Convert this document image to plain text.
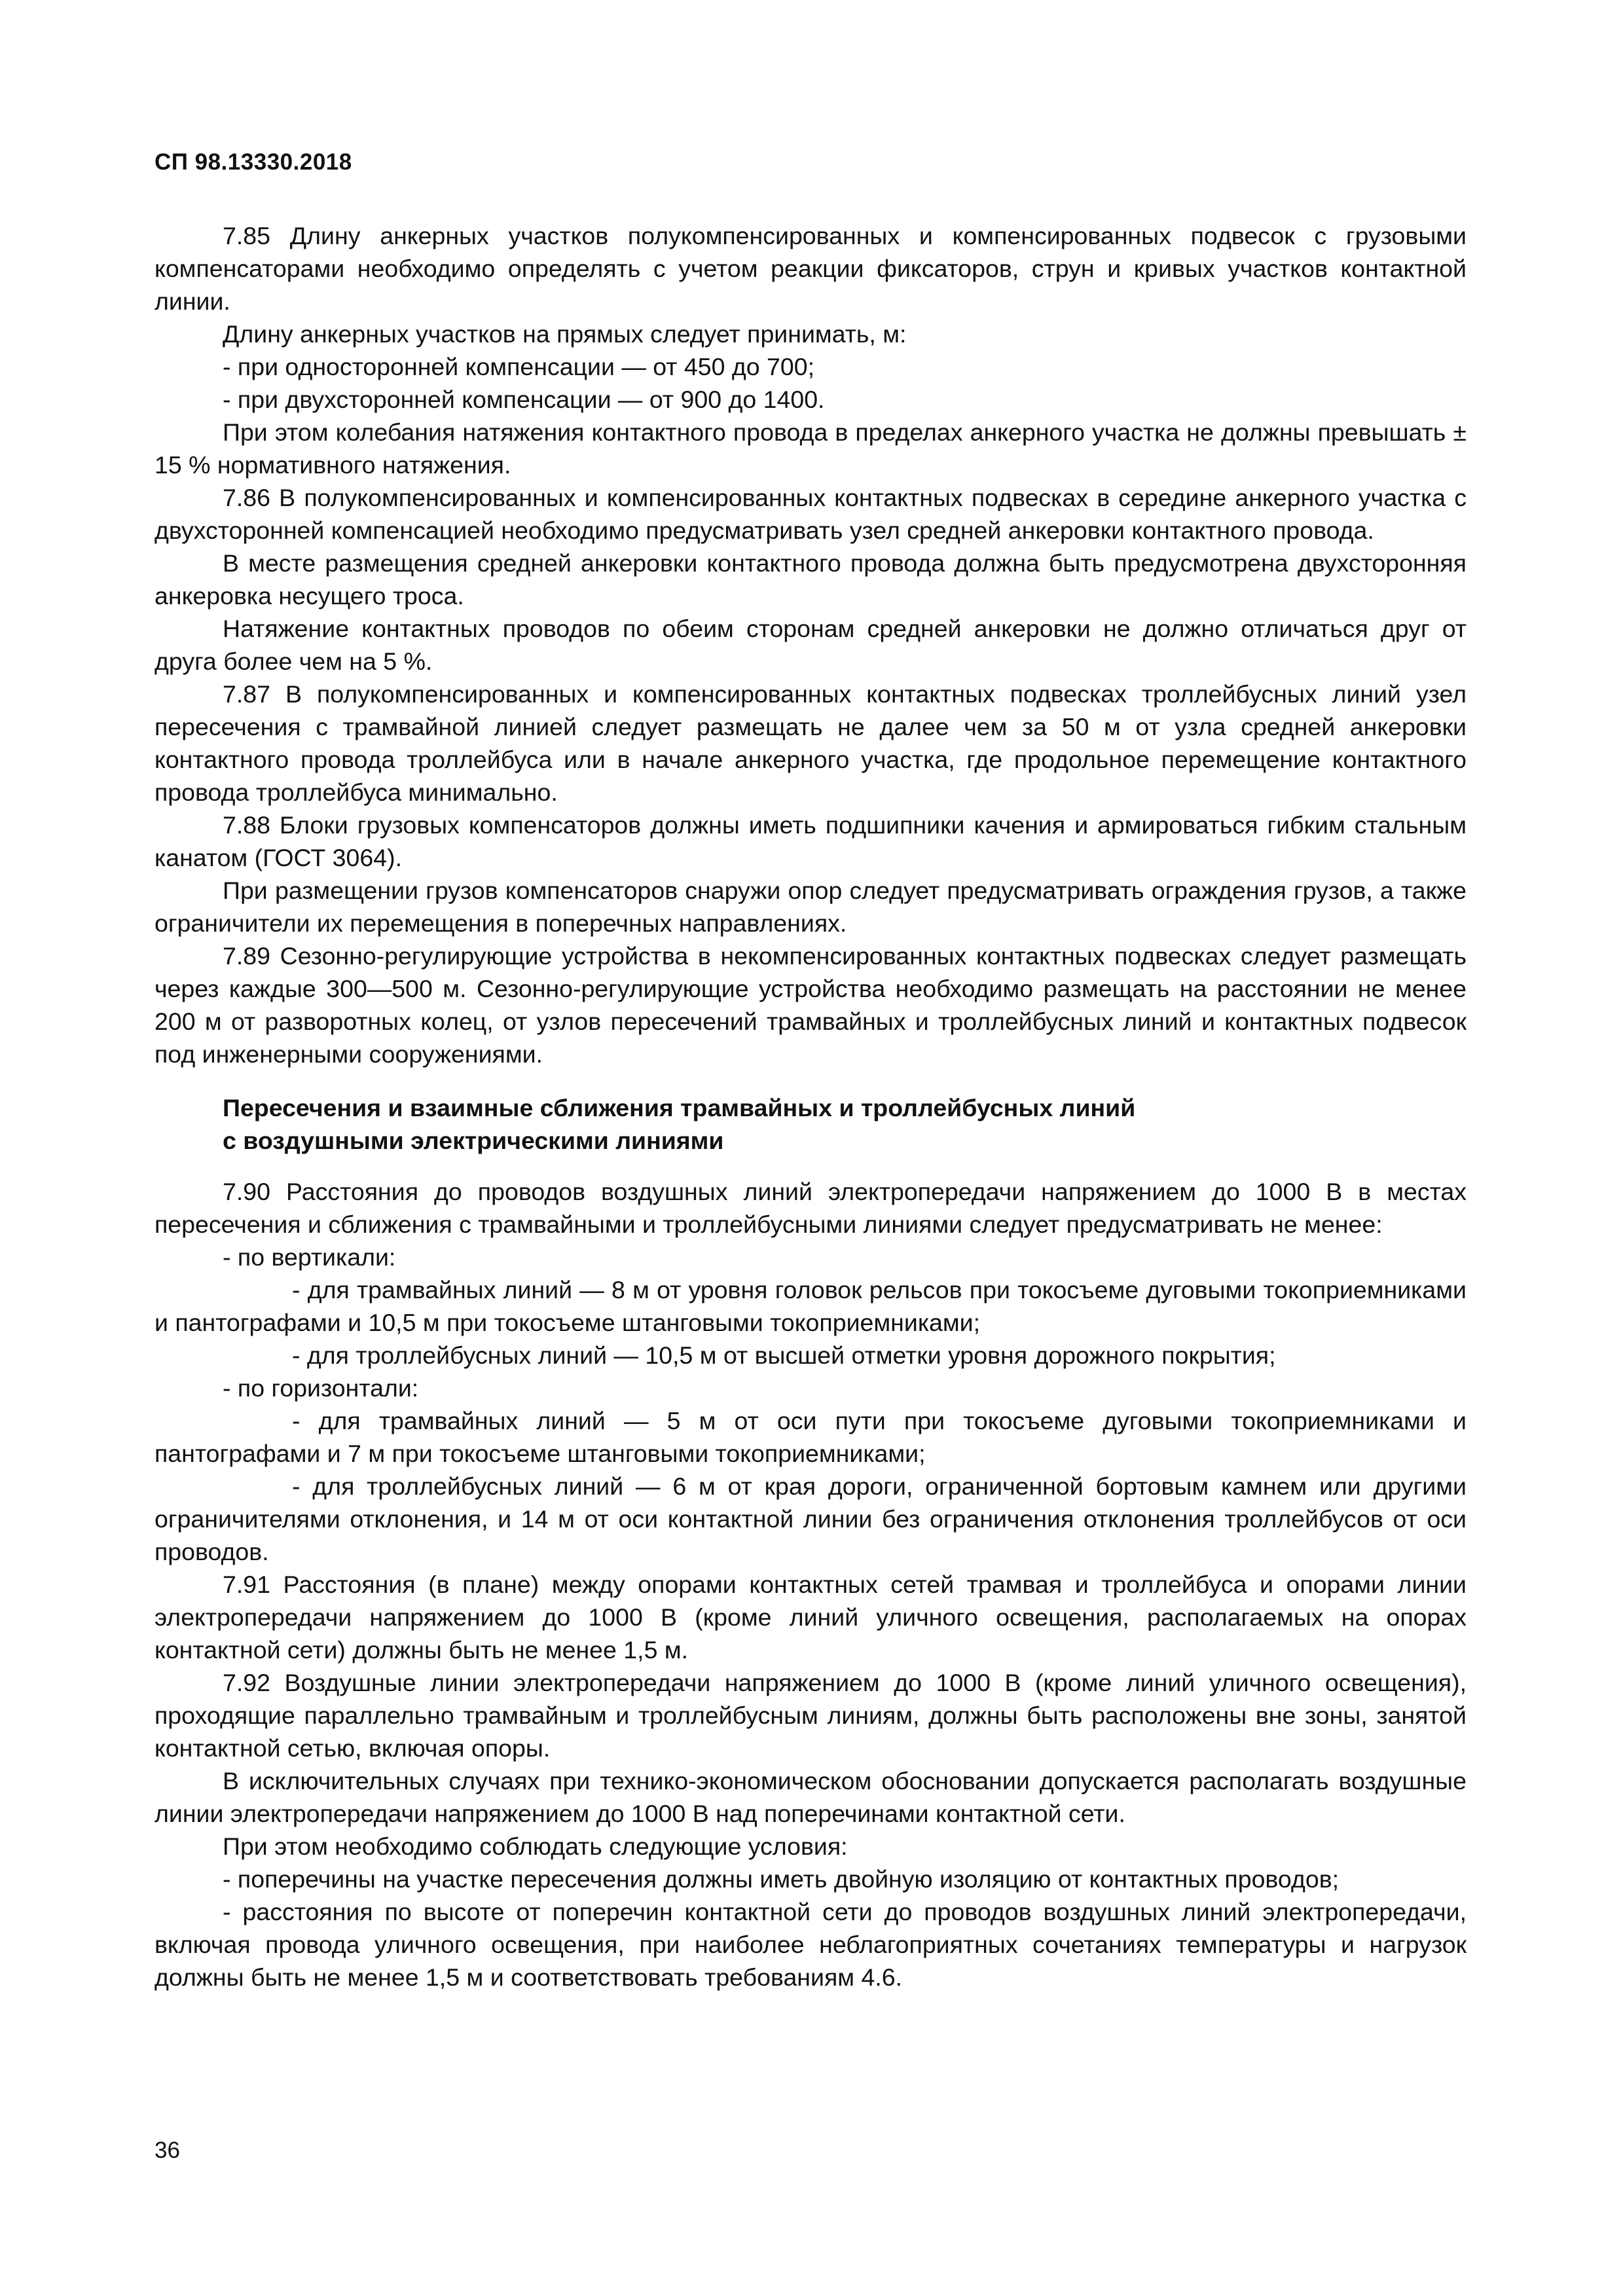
СП 98.13330.2018

7.85 Длину анкерных участков полукомпенсированных и компенсированных подвесок с грузовыми компенсаторами необходимо определять с учетом реакции фиксаторов, струн и кривых участков контактной линии.

Длину анкерных участков на прямых следует принимать, м:

- при односторонней компенсации — от 450 до 700;

- при двухсторонней компенсации — от 900 до 1400.

При этом колебания натяжения контактного провода в пределах анкерного участка не должны превышать ± 15 % нормативного натяжения.

7.86 В полукомпенсированных и компенсированных контактных подвесках в середине анкерного участка с двухсторонней компенсацией необходимо предусматривать узел средней анкеровки контактного провода.

В месте размещения средней анкеровки контактного провода должна быть предусмотрена двухсторонняя анкеровка несущего троса.

Натяжение контактных проводов по обеим сторонам средней анкеровки не должно отличаться друг от друга более чем на 5 %.

7.87 В полукомпенсированных и компенсированных контактных подвесках троллейбусных линий узел пересечения с трамвайной линией следует размещать не далее чем за 50 м от узла средней анкеровки контактного провода троллейбуса или в начале анкерного участка, где продольное перемещение контактного провода троллейбуса минимально.

7.88 Блоки грузовых компенсаторов должны иметь подшипники качения и армироваться гибким стальным канатом (ГОСТ 3064).

При размещении грузов компенсаторов снаружи опор следует предусматривать ограждения грузов, а также ограничители их перемещения в поперечных направлениях.

7.89 Сезонно-регулирующие устройства в некомпенсированных контактных подвесках следует размещать через каждые 300—500 м. Сезонно-регулирующие устройства необходимо размещать на расстоянии не менее 200 м от разворотных колец, от узлов пересечений трамвайных и троллейбусных линий и контактных подвесок под инженерными сооружениями.

Пересечения и взаимные сближения трамвайных и троллейбусных линий
с воздушными электрическими линиями

7.90 Расстояния до проводов воздушных линий электропередачи напряжением до 1000 В в местах пересечения и сближения с трамвайными и троллейбусными линиями следует предусматривать не менее:

- по вертикали:

- для трамвайных линий — 8 м от уровня головок рельсов при токосъеме дуговыми токоприемниками и пантографами и 10,5 м при токосъеме штанговыми токоприемниками;

- для троллейбусных линий — 10,5 м от высшей отметки уровня дорожного покрытия;

- по горизонтали:

- для трамвайных линий — 5 м от оси пути при токосъеме дуговыми токоприемниками и пантографами и 7 м при токосъеме штанговыми токоприемниками;

- для троллейбусных линий — 6 м от края дороги, ограниченной бортовым камнем или другими ограничителями отклонения, и 14 м от оси контактной линии без ограничения отклонения троллейбусов от оси проводов.

7.91 Расстояния (в плане) между опорами контактных сетей трамвая и троллейбуса и опорами линии электропередачи напряжением до 1000 В (кроме линий уличного освещения, располагаемых на опорах контактной сети) должны быть не менее 1,5 м.

7.92 Воздушные линии электропередачи напряжением до 1000 В (кроме линий уличного освещения), проходящие параллельно трамвайным и троллейбусным линиям, должны быть расположены вне зоны, занятой контактной сетью, включая опоры.

В исключительных случаях при технико-экономическом обосновании допускается располагать воздушные линии электропередачи напряжением до 1000 В над поперечинами контактной сети.

При этом необходимо соблюдать следующие условия:

- поперечины на участке пересечения должны иметь двойную изоляцию от контактных проводов;

- расстояния по высоте от поперечин контактной сети до проводов воздушных линий электропередачи, включая провода уличного освещения, при наиболее неблагоприятных сочетаниях температуры и нагрузок должны быть не менее 1,5 м и соответствовать требованиям 4.6.

36
